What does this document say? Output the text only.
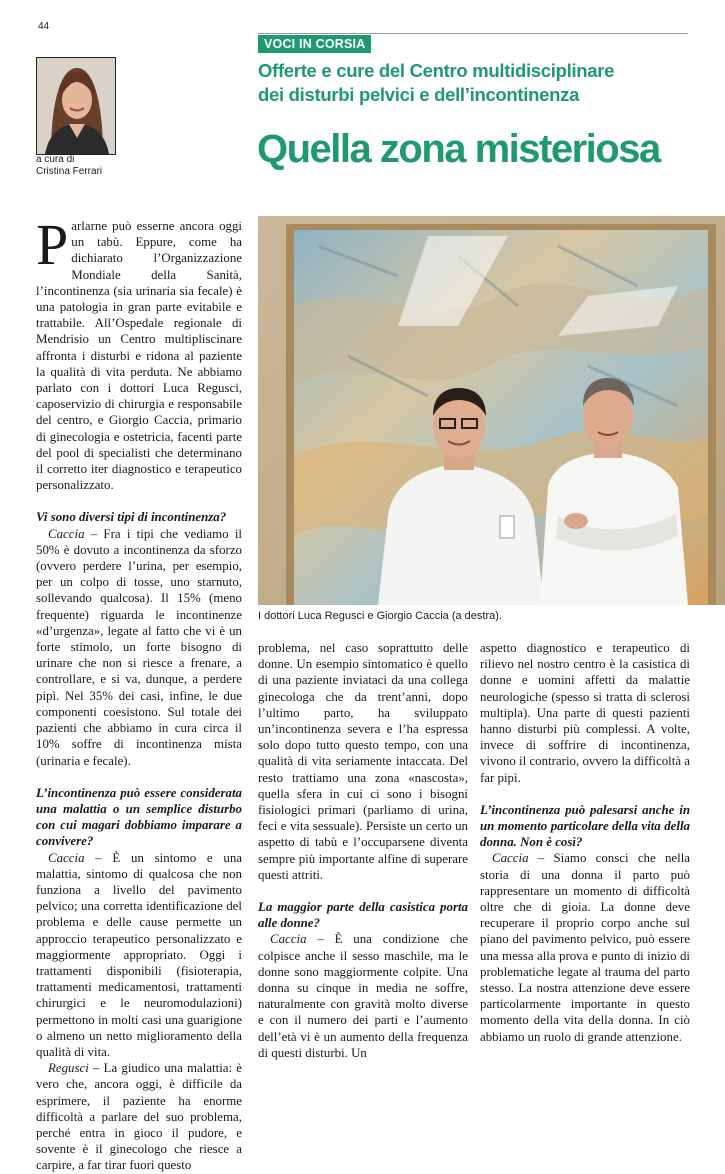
44
VOCI IN CORSIA
Offerte e cure del Centro multidisciplinare
dei disturbi pelvici e dell’incontinenza
Quella zona misteriosa
a cura di
Cristina Ferrari

Parlarne può esserne ancora oggi un tabù. Eppure, come ha dichiarato l’Organizzazione Mondiale della Sanità, l’incontinenza (sia urinaria sia fecale) è una patologia in gran parte evitabile e trattabile. All’Ospedale regionale di Mendrisio un Centro multipliscinare affronta i disturbi e ridona al paziente la qualità di vita perduta. Ne abbiamo parlato con i dottori Luca Regusci, caposervizio di chirurgia e responsabile del centro, e Giorgio Caccia, primario di ginecologia e ostetricia, facenti parte del pool di specialisti che determinano il corretto iter diagnostico e terapeutico personalizzato.

Vi sono diversi tipi di incontinenza?

Caccia – Fra i tipi che vediamo il 50% è dovuto a incontinenza da sforzo (ovvero perdere l’urina, per esempio, per un colpo di tosse, uno starnuto, sollevando qualcosa). Il 15% (meno frequente) riguarda le incontinenze «d’urgenza», legate al fatto che vi è un forte stimolo, un forte bisogno di urinare che non si riesce a frenare, a controllare, e si va, dunque, a perdere pipì. Nel 35% dei casi, infine, le due componenti coesistono. Sul totale dei pazienti che abbiamo in cura circa il 10% soffre di incontinenza mista (urinaria e fecale).

L’incontinenza può essere considerata una malattia o un semplice disturbo con cui magari dobbiamo imparare a convivere?

Caccia – È un sintomo e una malattia, sintomo di qualcosa che non funziona a livello del pavimento pelvico; una corretta identificazione del problema e delle cause permette un approccio terapeutico personalizzato e maggiormente appropriato. Oggi i trattamenti disponibili (fisioterapia, trattamenti medicamentosi, trattamenti chirurgici e le neuromodulazioni) permettono in molti casi una guarigione o almeno un netto miglioramento della qualità di vita.

Regusci – La giudico una malattia: è vero che, ancora oggi, è difficile da esprimere, il paziente ha enorme difficoltà a parlare del suo problema, perché entra in gioco il pudore, e sovente è il ginecologo che riesce a carpire, a far tirar fuori questo

I dottori Luca Regusci e Giorgio Caccia (a destra).

problema, nel caso soprattutto delle donne. Un esempio sintomatico è quello di una paziente inviataci da una collega ginecologa che da trent’anni, dopo l’ultimo parto, ha sviluppato un’incontinenza severa e l’ha espressa solo dopo tutto questo tempo, con una qualità di vita seriamente intaccata. Del resto trattiamo una zona «nascosta», quella sfera in cui ci sono i bisogni fisiologici primari (parliamo di urina, feci e vita sessuale). Persiste un certo un aspetto di tabù e l’occuparsene diventa sempre più importante alfine di superare questi attriti.

La maggior parte della casistica porta alle donne?

Caccia – È una condizione che colpisce anche il sesso maschile, ma le donne sono maggiormente colpite. Una donna su cinque in media ne soffre, naturalmente con gravità molto diverse e con il numero dei parti e l’aumento dell’età vi è un aumento della frequenza di questi disturbi. Un

aspetto diagnostico e terapeutico di rilievo nel nostro centro è la casistica di donne e uomini affetti da malattie neurologiche (spesso si tratta di sclerosi multipla). Una parte di questi pazienti hanno disturbi più complessi. A volte, invece di soffrire di incontinenza, vivono il contrario, ovvero la difficoltà a far pipì.

L’incontinenza può palesarsi anche in un momento particolare della vita della donna. Non è così?

Caccia – Siamo consci che nella storia di una donna il parto può rappresentare un momento di difficoltà oltre che di gioia. La donne deve recuperare il proprio corpo anche sul piano del pavimento pelvico, può essere una messa alla prova e punto di inizio di problematiche legate al trauma del parto stesso. La nostra attenzione deve essere particolarmente importante in questo momento della vita della donna. In ciò abbiamo un ruolo di grande attenzione.
